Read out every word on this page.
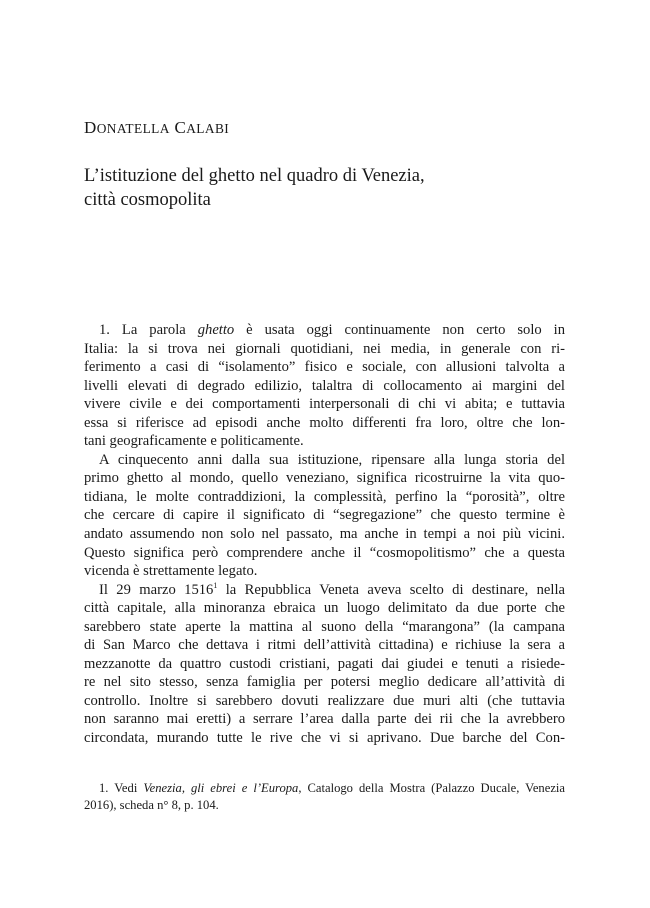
DONATELLA CALABI
L’istituzione del ghetto nel quadro di Venezia,
città cosmopolita
1. La parola ghetto è usata oggi continuamente non certo solo in
Italia: la si trova nei giornali quotidiani, nei media, in generale con ri-
ferimento a casi di “isolamento” fisico e sociale, con allusioni talvolta a
livelli elevati di degrado edilizio, talaltra di collocamento ai margini del
vivere civile e dei comportamenti interpersonali di chi vi abita; e tuttavia
essa si riferisce ad episodi anche molto differenti fra loro, oltre che lon-
tani geograficamente e politicamente.
A cinquecento anni dalla sua istituzione, ripensare alla lunga storia del
primo ghetto al mondo, quello veneziano, significa ricostruirne la vita quo-
tidiana, le molte contraddizioni, la complessità, perfino la “porosità”, oltre
che cercare di capire il significato di “segregazione” che questo termine è
andato assumendo non solo nel passato, ma anche in tempi a noi più vicini.
Questo significa però comprendere anche il “cosmopolitismo” che a questa
vicenda è strettamente legato.
Il 29 marzo 1516$^1$ la Repubblica Veneta aveva scelto di destinare, nella
città capitale, alla minoranza ebraica un luogo delimitato da due porte che
sarebbero state aperte la mattina al suono della “marangona” (la campana
di San Marco che dettava i ritmi dell’attività cittadina) e richiuse la sera a
mezzanotte da quattro custodi cristiani, pagati dai giudei e tenuti a risiede-
re nel sito stesso, senza famiglia per potersi meglio dedicare all’attività di
controllo. Inoltre si sarebbero dovuti realizzare due muri alti (che tuttavia
non saranno mai eretti) a serrare l’area dalla parte dei rii che la avrebbero
circondata, murando tutte le rive che vi si aprivano. Due barche del Con-
1. Vedi Venezia, gli ebrei e l’Europa, Catalogo della Mostra (Palazzo Ducale, Venezia
2016), scheda n° 8, p. 104.
